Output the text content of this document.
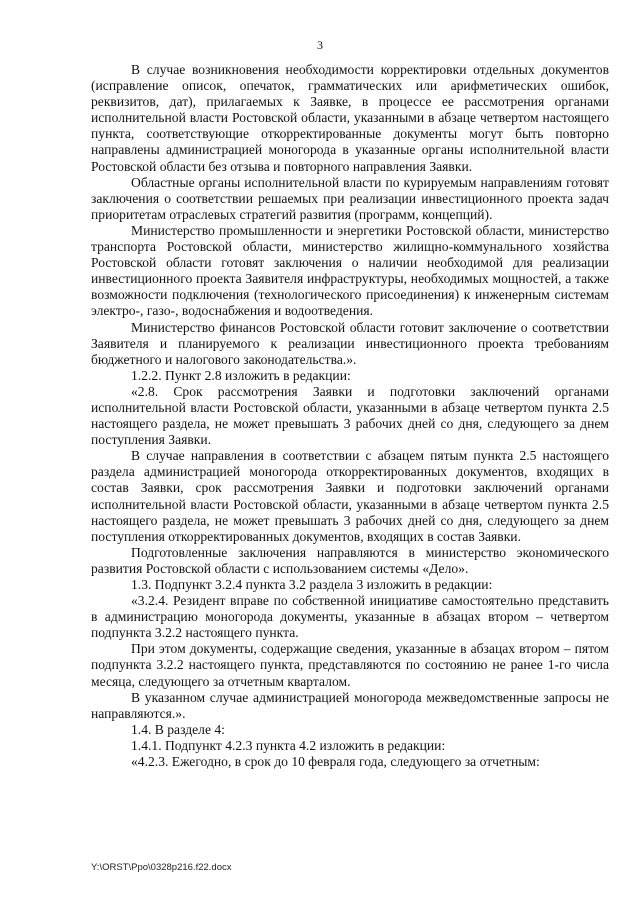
3

В случае возникновения необходимости корректировки отдельных документов (исправление описок, опечаток, грамматических или арифметических ошибок, реквизитов, дат), прилагаемых к Заявке, в процессе ее рассмотрения органами исполнительной власти Ростовской области, указанными в абзаце четвертом настоящего пункта, соответствующие откорректированные документы могут быть повторно направлены администрацией моногорода в указанные органы исполнительной власти Ростовской области без отзыва и повторного направления Заявки.

Областные органы исполнительной власти по курируемым направлениям готовят заключения о соответствии решаемых при реализации инвестиционного проекта задач приоритетам отраслевых стратегий развития (программ, концепций).

Министерство промышленности и энергетики Ростовской области, министерство транспорта Ростовской области, министерство жилищно-коммунального хозяйства Ростовской области готовят заключения о наличии необходимой для реализации инвестиционного проекта Заявителя инфраструктуры, необходимых мощностей, а также возможности подключения (технологического присоединения) к инженерным системам электро-, газо-, водоснабжения и водоотведения.

Министерство финансов Ростовской области готовит заключение о соответствии Заявителя и планируемого к реализации инвестиционного проекта требованиям бюджетного и налогового законодательства.».

1.2.2. Пункт 2.8 изложить в редакции:

«2.8. Срок рассмотрения Заявки и подготовки заключений органами исполнительной власти Ростовской области, указанными в абзаце четвертом пункта 2.5 настоящего раздела, не может превышать 3 рабочих дней со дня, следующего за днем поступления Заявки.

В случае направления в соответствии с абзацем пятым пункта 2.5 настоящего раздела администрацией моногорода откорректированных документов, входящих в состав Заявки, срок рассмотрения Заявки и подготовки заключений органами исполнительной власти Ростовской области, указанными в абзаце четвертом пункта 2.5 настоящего раздела, не может превышать 3 рабочих дней со дня, следующего за днем поступления откорректированных документов, входящих в состав Заявки.

Подготовленные заключения направляются в министерство экономического развития Ростовской области с использованием системы «Дело».

1.3. Подпункт 3.2.4 пункта 3.2 раздела 3 изложить в редакции:

«3.2.4. Резидент вправе по собственной инициативе самостоятельно представить в администрацию моногорода документы, указанные в абзацах втором – четвертом подпункта 3.2.2 настоящего пункта.

При этом документы, содержащие сведения, указанные в абзацах втором – пятом подпункта 3.2.2 настоящего пункта, представляются по состоянию не ранее 1-го числа месяца, следующего за отчетным кварталом.

В указанном случае администрацией моногорода межведомственные запросы не направляются.».

1.4. В разделе 4:

1.4.1. Подпункт 4.2.3 пункта 4.2 изложить в редакции:

«4.2.3. Ежегодно, в срок до 10 февраля года, следующего за отчетным:

Y:\ORST\Ppo\0328p216.f22.docx
